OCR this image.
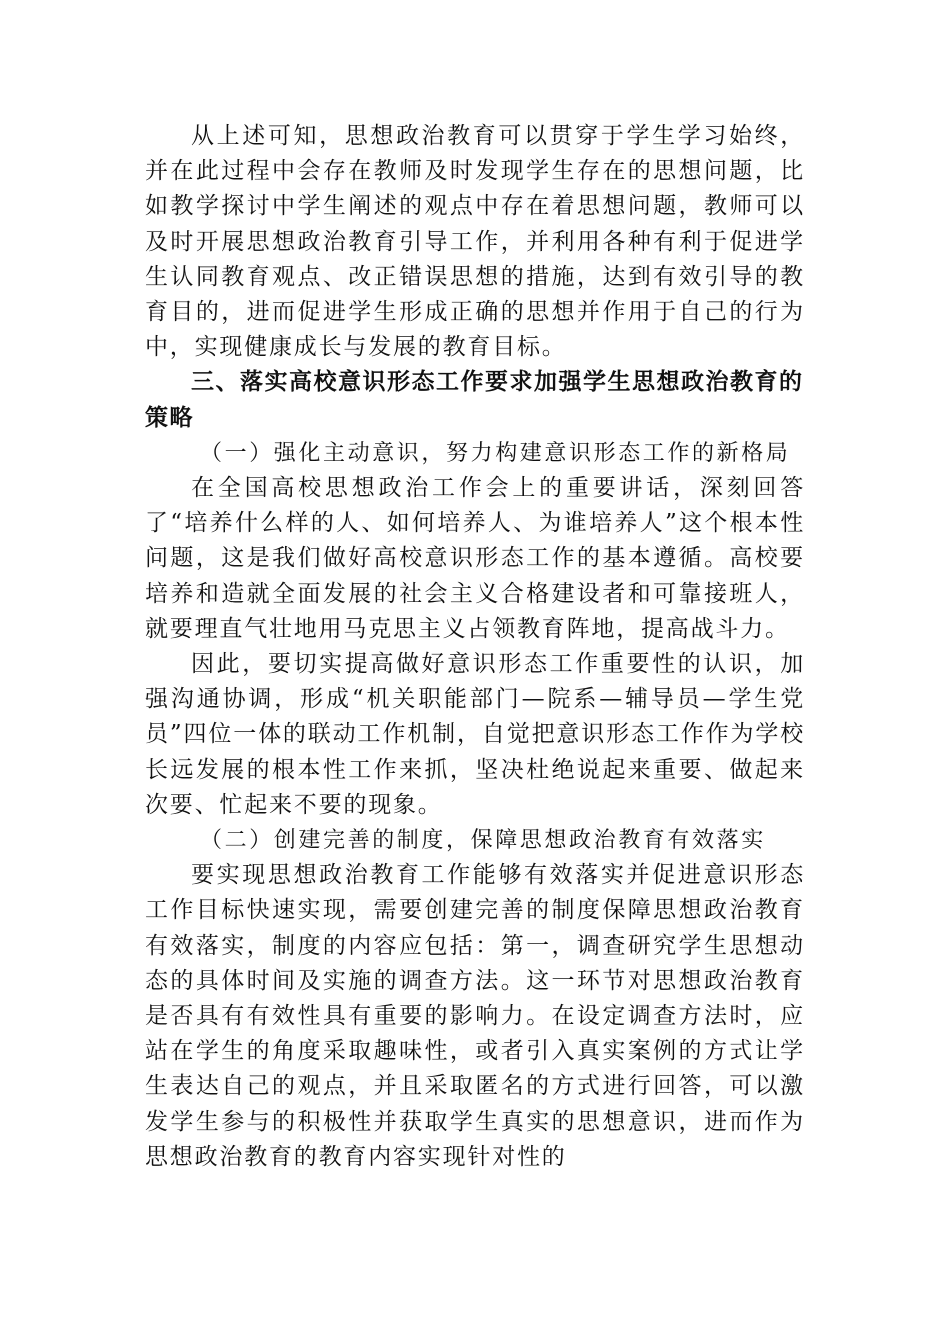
从上述可知，思想政治教育可以贯穿于学生学习始终，并在此过程中会存在教师及时发现学生存在的思想问题，比如教学探讨中学生阐述的观点中存在着思想问题，教师可以及时开展思想政治教育引导工作，并利用各种有利于促进学生认同教育观点、改正错误思想的措施，达到有效引导的教育目的，进而促进学生形成正确的思想并作用于自己的行为中，实现健康成长与发展的教育目标。

三、落实高校意识形态工作要求加强学生思想政治教育的策略

（一）强化主动意识，努力构建意识形态工作的新格局

在全国高校思想政治工作会上的重要讲话，深刻回答了“培养什么样的人、如何培养人、为谁培养人”这个根本性问题，这是我们做好高校意识形态工作的基本遵循。高校要培养和造就全面发展的社会主义合格建设者和可靠接班人，就要理直气壮地用马克思主义占领教育阵地，提高战斗力。

因此，要切实提高做好意识形态工作重要性的认识，加强沟通协调，形成“机关职能部门—院系—辅导员—学生党员”四位一体的联动工作机制，自觉把意识形态工作作为学校长远发展的根本性工作来抓，坚决杜绝说起来重要、做起来次要、忙起来不要的现象。

（二）创建完善的制度，保障思想政治教育有效落实

要实现思想政治教育工作能够有效落实并促进意识形态工作目标快速实现，需要创建完善的制度保障思想政治教育有效落实，制度的内容应包括：第一，调查研究学生思想动态的具体时间及实施的调查方法。这一环节对思想政治教育是否具有有效性具有重要的影响力。在设定调查方法时，应站在学生的角度采取趣味性，或者引入真实案例的方式让学生表达自己的观点，并且采取匿名的方式进行回答，可以激发学生参与的积极性并获取学生真实的思想意识，进而作为思想政治教育的教育内容实现针对性的
